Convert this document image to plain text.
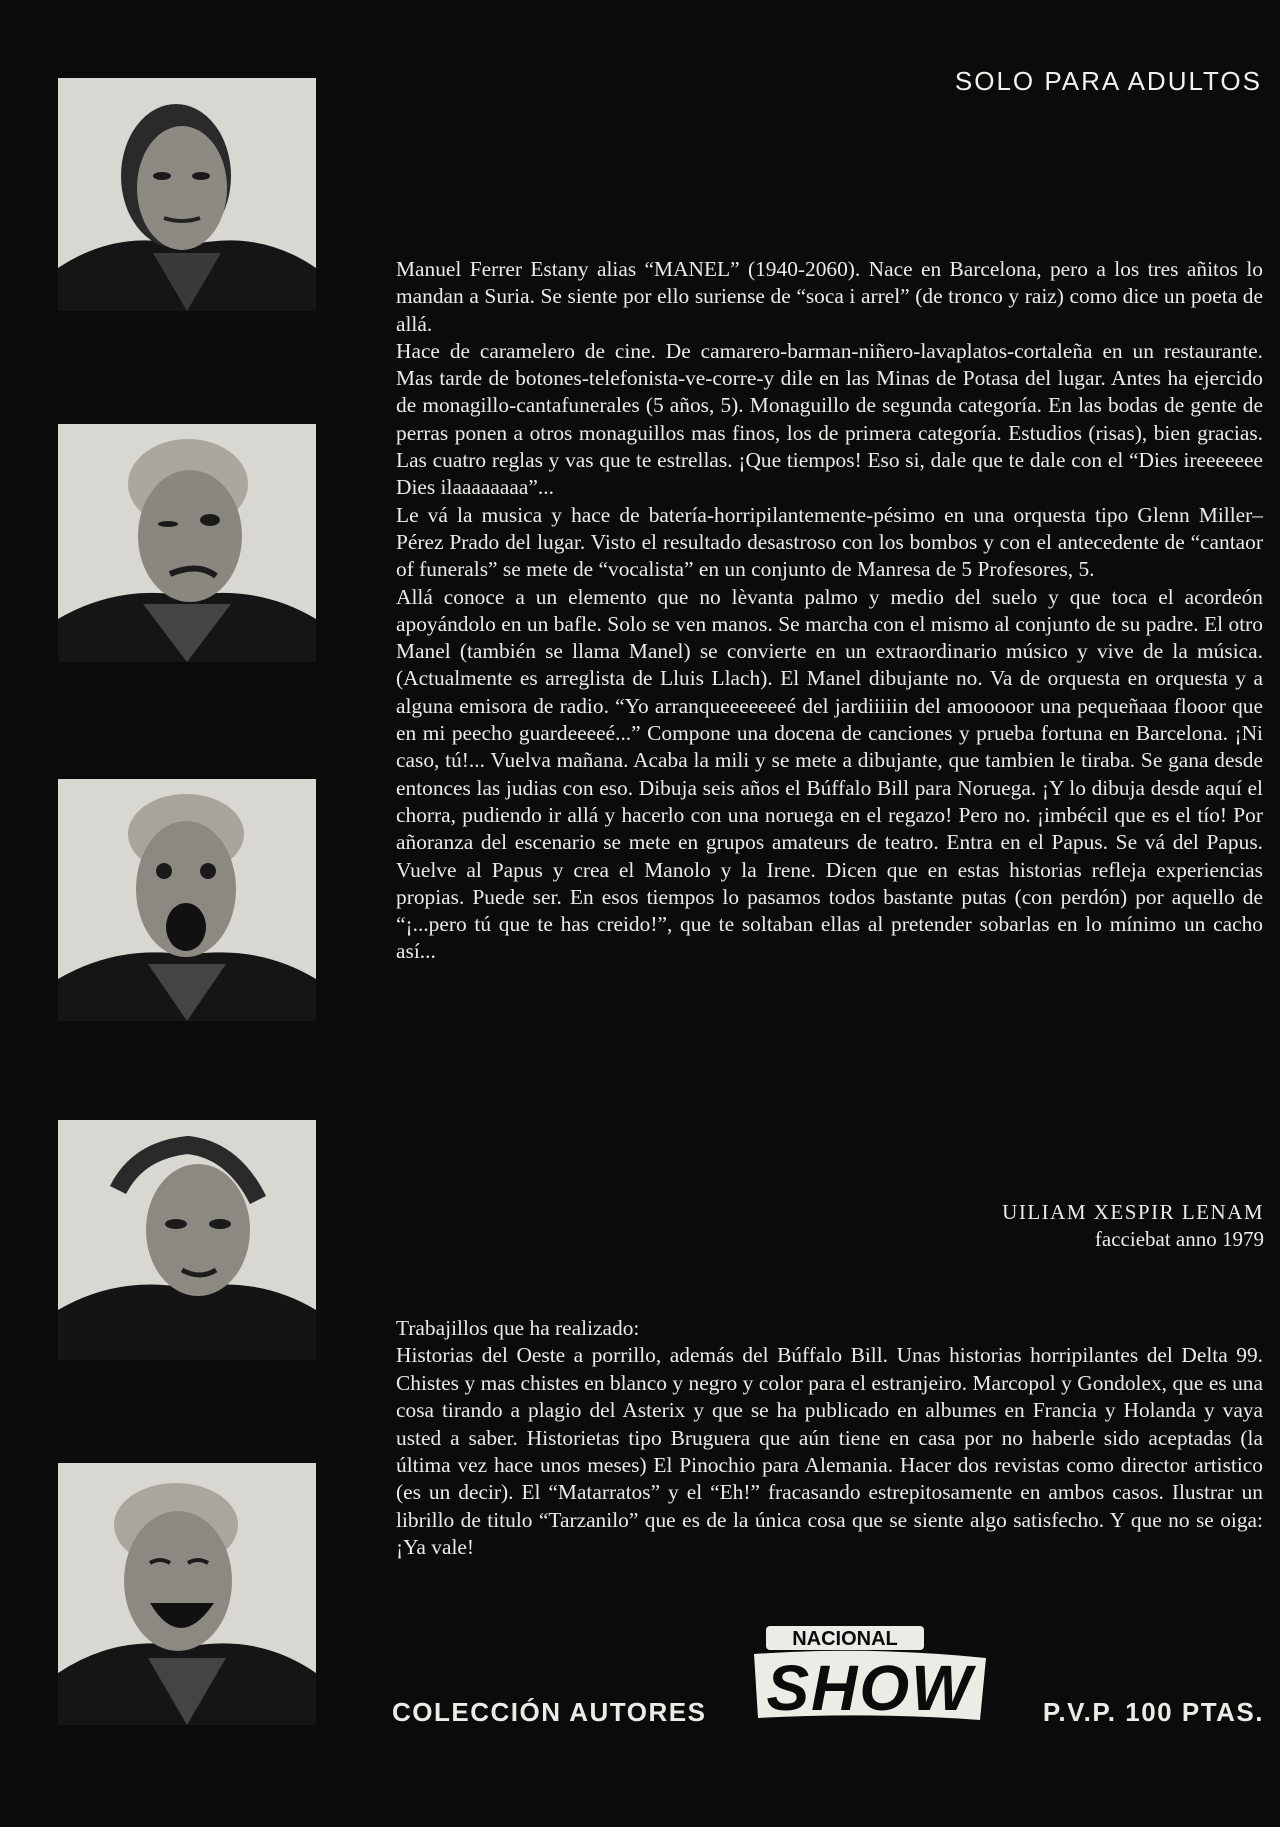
SOLO PARA ADULTOS

Manuel Ferrer Estany alias “MANEL” (1940-2060). Nace en Barcelona, pero a los tres añitos lo mandan a Suria. Se siente por ello suriense de “soca i arrel” (de tronco y raiz) como dice un poeta de allá.

Hace de caramelero de cine. De camarero-barman-niñero-lavaplatos-cortaleña en un restaurante. Mas tarde de botones-telefonista-ve-corre-y dile en las Minas de Potasa del lugar. Antes ha ejercido de monagillo-cantafunerales (5 años, 5). Monaguillo de segunda categoría. En las bodas de gente de perras ponen a otros monaguillos mas finos, los de primera categoría. Estudios (risas), bien gracias. Las cuatro reglas y vas que te estrellas. ¡Que tiempos! Eso si, dale que te dale con el “Dies ireeeeeee Dies ilaaaaaaaa”...

Le vá la musica y hace de batería-horripilantemente-pésimo en una orquesta tipo Glenn Miller– Pérez Prado del lugar. Visto el resultado desastroso con los bombos y con el antecedente de “cantaor of funerals” se mete de “vocalista” en un conjunto de Manresa de 5 Profesores, 5.

Allá conoce a un elemento que no lèvanta palmo y medio del suelo y que toca el acordeón apoyándolo en un bafle. Solo se ven manos. Se marcha con el mismo al conjunto de su padre. El otro Manel (también se llama Manel) se convierte en un extraordinario músico y vive de la música. (Actualmente es arreglista de Lluis Llach). El Manel dibujante no. Va de orquesta en orquesta y a alguna emisora de radio. “Yo arranqueeeeeeeé del jardiiiiin del amooooor una pequeñaaa flooor que en mi peecho guardeeeeé...” Compone una docena de canciones y prueba fortuna en Barcelona. ¡Ni caso, tú!... Vuelva mañana. Acaba la mili y se mete a dibujante, que tambien le tiraba. Se gana desde entonces las judias con eso. Dibuja seis años el Búffalo Bill para Noruega. ¡Y lo dibuja desde aquí el chorra, pudiendo ir allá y hacerlo con una noruega en el regazo! Pero no. ¡imbécil que es el tío! Por añoranza del escenario se mete en grupos amateurs de teatro. Entra en el Papus. Se vá del Papus. Vuelve al Papus y crea el Manolo y la Irene. Dicen que en estas historias refleja experiencias propias. Puede ser. En esos tiempos lo pasamos todos bastante putas (con perdón) por aquello de “¡...pero tú que te has creido!”, que te soltaban ellas al pretender sobarlas en lo mínimo un cacho así...

UILIAM XESPIR LENAM
facciebat anno 1979

Trabajillos que ha realizado:

Historias del Oeste a porrillo, además del Búffalo Bill. Unas historias horripilantes del Delta 99. Chistes y mas chistes en blanco y negro y color para el estranjeiro. Marcopol y Gondolex, que es una cosa tirando a plagio del Asterix y que se ha publicado en albumes en Francia y Holanda y vaya usted a saber. Historietas tipo Bruguera que aún tiene en casa por no haberle sido aceptadas (la última vez hace unos meses) El Pinochio para Alemania. Hacer dos revistas como director artistico (es un decir). El “Matarratos” y el “Eh!” fracasando estrepitosamente en ambos casos. Ilustrar un librillo de titulo “Tarzanilo” que es de la única cosa que se siente algo satisfecho. Y que no se oiga: ¡Ya vale!

COLECCIÓN AUTORES
NACIONAL
SHOW	P.V.P. 100 PTAS.
